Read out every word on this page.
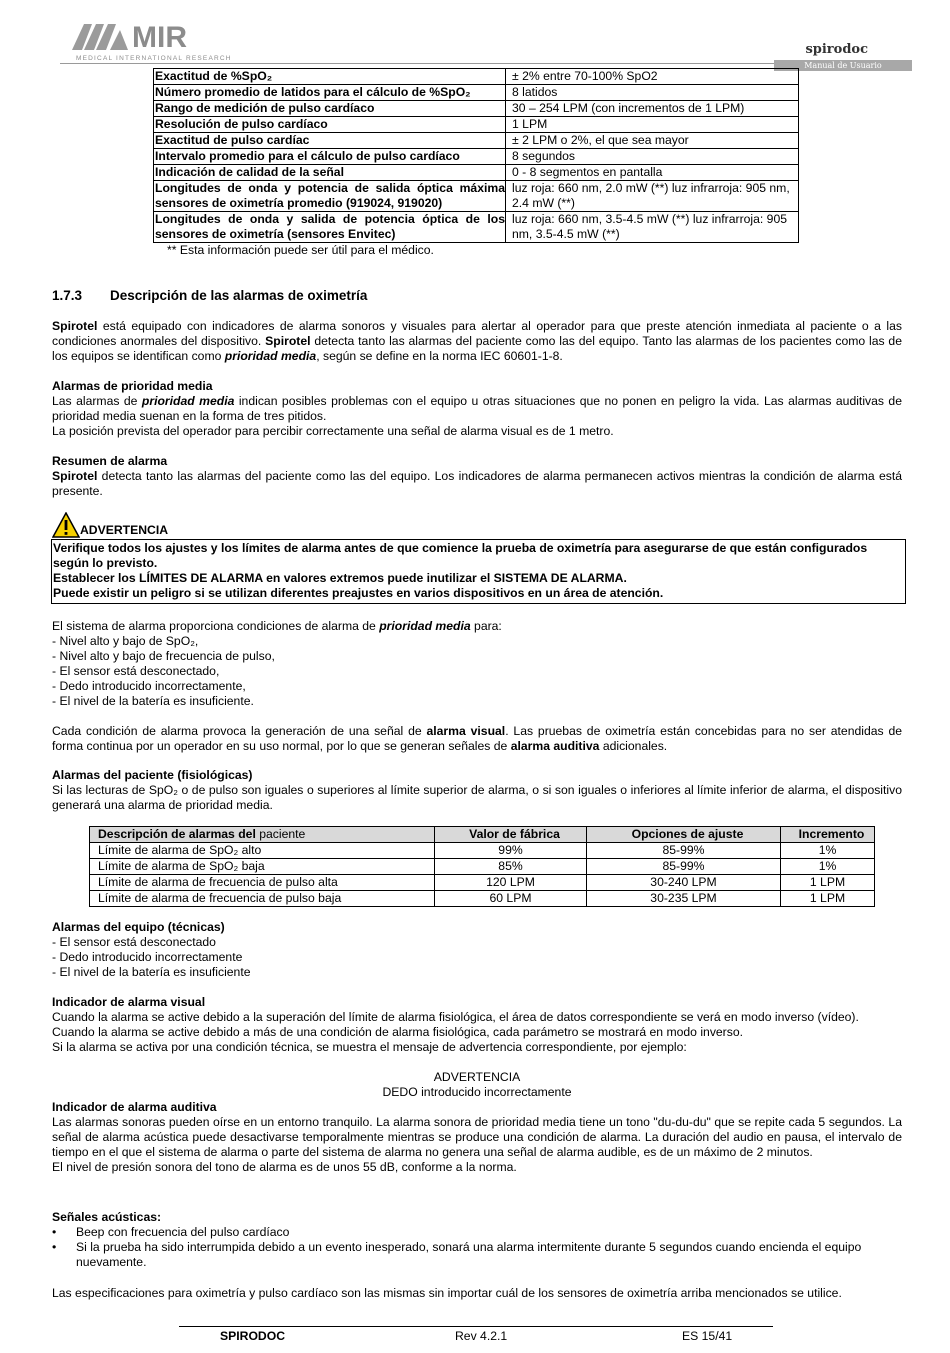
MIR
MEDICAL INTERNATIONAL RESEARCH
spirodoc
Manual de Usuario
Exactitud de %SpO₂	± 2% entre 70-100% SpO2
Número promedio de latidos para el cálculo de %SpO₂	8 latidos
Rango de medición de pulso cardíaco	30 – 254 LPM (con incrementos de 1 LPM)
Resolución de pulso cardíaco	1 LPM
Exactitud de pulso cardíac	± 2 LPM o 2%, el que sea mayor
Intervalo promedio para el cálculo de pulso cardíaco	8 segundos
Indicación de calidad de la señal	0 - 8 segmentos en pantalla
Longitudes de onda y potencia de salida óptica máxima sensores de oximetría promedio (919024, 919020)	luz roja: 660 nm, 2.0 mW (**) luz infrarroja: 905 nm, 2.4 mW (**)
Longitudes de onda y salida de potencia óptica de los sensores de oximetría (sensores Envitec)	luz roja: 660 nm, 3.5-4.5 mW (**) luz infrarroja: 905 nm, 3.5-4.5 mW (**)
** Esta información puede ser útil para el médico.
1.7.3 Descripción de las alarmas de oximetría

Spirotel está equipado con indicadores de alarma sonoros y visuales para alertar al operador para que preste atención inmediata al paciente o a las condiciones anormales del dispositivo. Spirotel detecta tanto las alarmas del paciente como las del equipo. Tanto las alarmas de los pacientes como las de los equipos se identifican como prioridad media, según se define en la norma IEC 60601-1-8.

Alarmas de prioridad media

Las alarmas de prioridad media indican posibles problemas con el equipo u otras situaciones que no ponen en peligro la vida. Las alarmas auditivas de prioridad media suenan en la forma de tres pitidos.

La posición prevista del operador para percibir correctamente una señal de alarma visual es de 1 metro.

Resumen de alarma

Spirotel detecta tanto las alarmas del paciente como las del equipo. Los indicadores de alarma permanecen activos mientras la condición de alarma está presente.

ADVERTENCIA
Verifique todos los ajustes y los límites de alarma antes de que comience la prueba de oximetría para asegurarse de que están configurados según lo previsto.
Establecer los LÍMITES DE ALARMA en valores extremos puede inutilizar el SISTEMA DE ALARMA.
Puede existir un peligro si se utilizan diferentes preajustes en varios dispositivos en un área de atención.

El sistema de alarma proporciona condiciones de alarma de prioridad media para:

- Nivel alto y bajo de SpO₂,
- Nivel alto y bajo de frecuencia de pulso,
- El sensor está desconectado,
- Dedo introducido incorrectamente,
- El nivel de la batería es insuficiente.

Cada condición de alarma provoca la generación de una señal de alarma visual. Las pruebas de oximetría están concebidas para no ser atendidas de forma continua por un operador en su uso normal, por lo que se generan señales de alarma auditiva adicionales.

Alarmas del paciente (fisiológicas)

Si las lecturas de SpO₂ o de pulso son iguales o superiores al límite superior de alarma, o si son iguales o inferiores al límite inferior de alarma, el dispositivo generará una alarma de prioridad media.

Descripción de alarmas del paciente	Valor de fábrica	Opciones de ajuste	Incremento
Límite de alarma de SpO₂ alto	99%	85-99%	1%
Límite de alarma de SpO₂ baja	85%	85-99%	1%
Límite de alarma de frecuencia de pulso alta	120 LPM	30-240 LPM	1 LPM
Límite de alarma de frecuencia de pulso baja	60 LPM	30-235 LPM	1 LPM
Alarmas del equipo (técnicas)
- El sensor está desconectado
- Dedo introducido incorrectamente
- El nivel de la batería es insuficiente
Indicador de alarma visual

Cuando la alarma se active debido a la superación del límite de alarma fisiológica, el área de datos correspondiente se verá en modo inverso (vídeo).

Cuando la alarma se active debido a más de una condición de alarma fisiológica, cada parámetro se mostrará en modo inverso.

Si la alarma se activa por una condición técnica, se muestra el mensaje de advertencia correspondiente, por ejemplo:

ADVERTENCIA
DEDO introducido incorrectamente
Indicador de alarma auditiva

Las alarmas sonoras pueden oírse en un entorno tranquilo. La alarma sonora de prioridad media tiene un tono "du-du-du" que se repite cada 5 segundos. La señal de alarma acústica puede desactivarse temporalmente mientras se produce una condición de alarma. La duración del audio en pausa, el intervalo de tiempo en el que el sistema de alarma o parte del sistema de alarma no genera una señal de alarma audible, es de un máximo de 2 minutos.

El nivel de presión sonora del tono de alarma es de unos 55 dB, conforme a la norma.

Señales acústicas:
• Beep con frecuencia del pulso cardíaco
• Si la prueba ha sido interrumpida debido a un evento inesperado, sonará una alarma intermitente durante 5 segundos cuando encienda el equipo nuevamente.

Las especificaciones para oximetría y pulso cardíaco son las mismas sin importar cuál de los sensores de oximetría arriba mencionados se utilice.

SPIRODOC	Rev 4.2.1	ES 15/41
